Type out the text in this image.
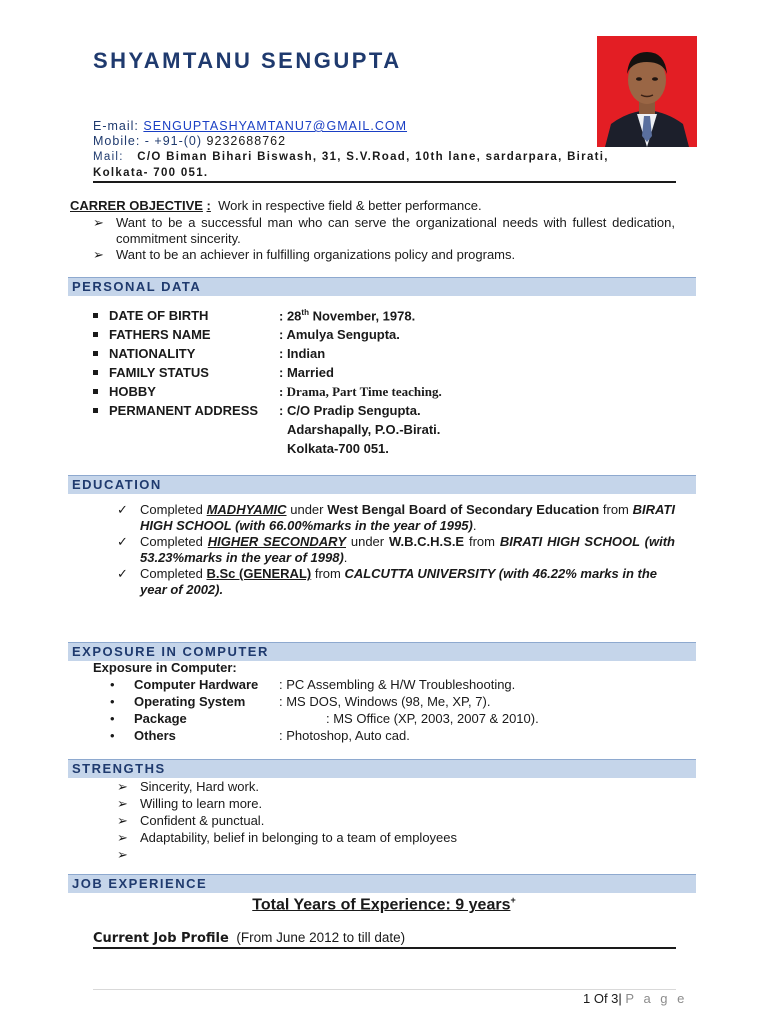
SHYAMTANU SENGUPTA
E-mail: SENGUPTASHYAMTANU7@GMAIL.COM
Mobile: - +91-(0) 9232688762
Mail: C/O Biman Bihari Biswash, 31, S.V.Road, 10th lane, sardarpara, Birati, Kolkata- 700 051.
CARRER OBJECTIVE : Work in respective field & better performance.
➢ Want to be a successful man who can serve the organizational needs with fullest dedication, commitment sincerity.
➢ Want to be an achiever in fulfilling organizations policy and programs.
PERSONAL DATA
DATE OF BIRTH	: 28th November, 1978.
FATHERS NAME	: Amulya Sengupta.
NATIONALITY	: Indian
FAMILY STATUS	: Married
HOBBY	: Drama, Part Time teaching.
PERMANENT ADDRESS : C/O Pradip Sengupta.
Adarshapally, P.O.-Birati.
Kolkata-700 051.
EDUCATION
✓ Completed MADHYAMIC under West Bengal Board of Secondary Education from BIRATI HIGH SCHOOL (with 66.00%marks in the year of 1995).
✓ Completed HIGHER SECONDARY under W.B.C.H.S.E from BIRATI HIGH SCHOOL (with 53.23%marks in the year of 1998).
✓ Completed B.Sc (GENERAL) from CALCUTTA UNIVERSITY (with 46.22% marks in the year of 2002).
EXPOSURE IN COMPUTER
Exposure in Computer:
• Computer Hardware : PC Assembling & H/W Troubleshooting.
• Operating System	: MS DOS, Windows (98, Me, XP, 7).
• Package	: MS Office (XP, 2003, 2007 & 2010).
• Others	: Photoshop, Auto cad.
STRENGTHS
➢ Sincerity, Hard work.
➢ Willing to learn more.
➢ Confident & punctual.
➢ Adaptability, belief in belonging to a team of employees
➢
JOB EXPERIENCE
Total Years of Experience: 9 years+
Current Job Profile (From June 2012 to till date)
1 Of 3| P a g e
